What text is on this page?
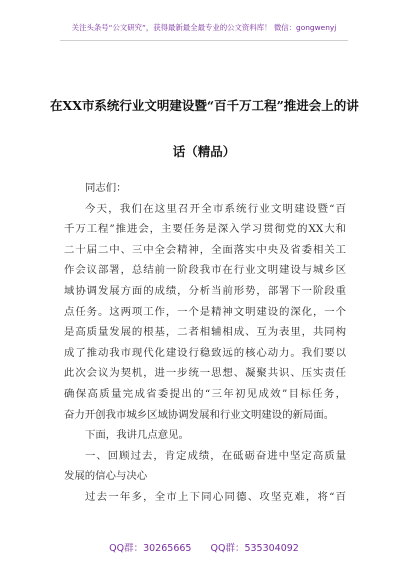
关注头条号“公文研究”，获得最新最全最专业的公文资料库！ 微信：gongwenyj
在XX市系统行业文明建设暨“百千万工程”推进会上的讲
话（精品）
同志们：
今天，我们在这里召开全市系统行业文明建设暨“百
千万工程”推进会，主要任务是深入学习贯彻党的XX大和
二十届二中、三中全会精神，全面落实中央及省委相关工
作会议部署，总结前一阶段我市在行业文明建设与城乡区
域协调发展方面的成绩，分析当前形势，部署下一阶段重
点任务。这两项工作，一个是精神文明建设的深化，一个
是高质量发展的根基，二者相辅相成、互为表里，共同构
成了推动我市现代化建设行稳致远的核心动力。我们要以
此次会议为契机，进一步统一思想、凝聚共识、压实责任
确保高质量完成省委提出的“三年初见成效”目标任务，
奋力开创我市城乡区域协调发展和行业文明建设的新局面。
下面，我讲几点意见。
一、回顾过去，肯定成绩，在砥砺奋进中坚定高质量
发展的信心与决心
过去一年多，全市上下同心同德、攻坚克难，将“百
QQ群：30265665 QQ群：535304092
